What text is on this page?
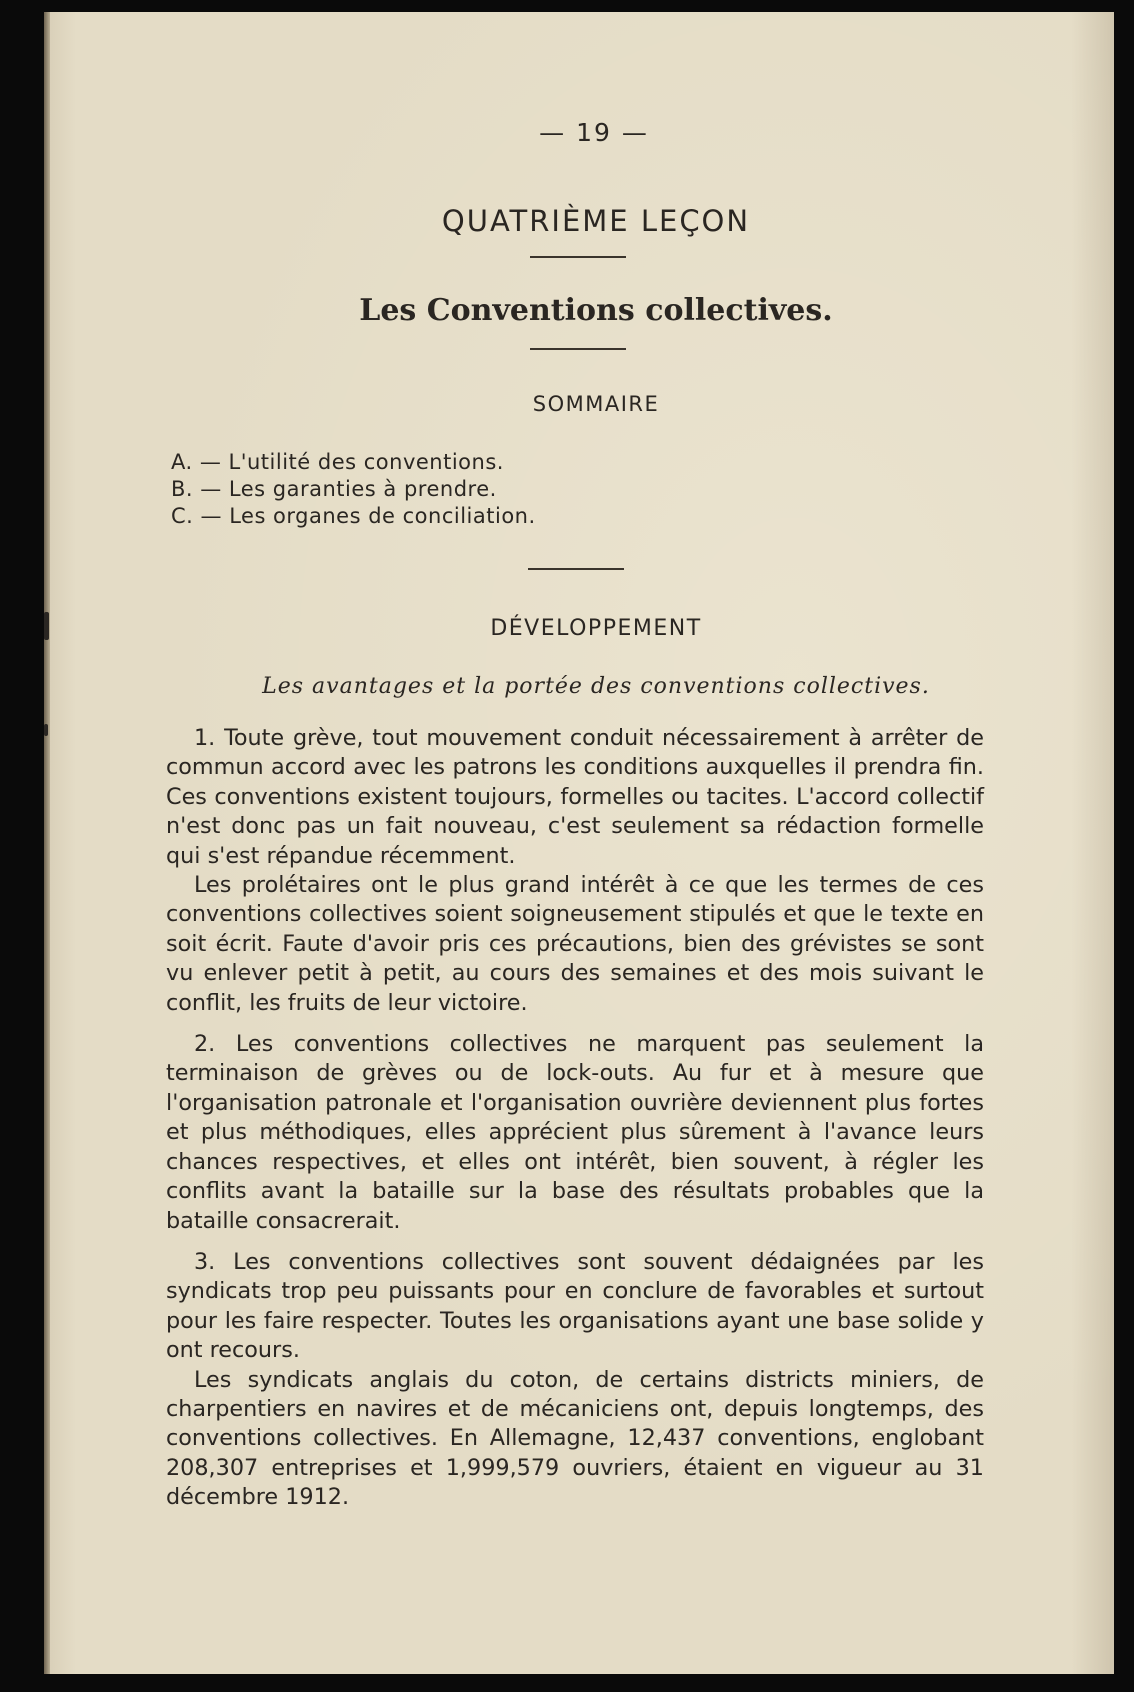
— 19 —
QUATRIÈME LEÇON
Les Conventions collectives.
SOMMAIRE
A. — L'utilité des conventions.
B. — Les garanties à prendre.
C. — Les organes de conciliation.
DÉVELOPPEMENT
Les avantages et la portée des conventions collectives.

1. Toute grève, tout mouvement conduit nécessairement à arrêter de commun accord avec les patrons les conditions auxquelles il prendra fin. Ces conventions existent toujours, formelles ou tacites. L'accord collectif n'est donc pas un fait nouveau, c'est seulement sa rédaction formelle qui s'est répandue récemment.

Les prolétaires ont le plus grand intérêt à ce que les termes de ces conventions collectives soient soigneusement stipulés et que le texte en soit écrit. Faute d'avoir pris ces précautions, bien des grévistes se sont vu enlever petit à petit, au cours des semaines et des mois suivant le conflit, les fruits de leur victoire.

2. Les conventions collectives ne marquent pas seulement la terminaison de grèves ou de lock-outs. Au fur et à mesure que l'organisation patronale et l'organisation ouvrière deviennent plus fortes et plus méthodiques, elles apprécient plus sûrement à l'avance leurs chances respectives, et elles ont intérêt, bien souvent, à régler les conflits avant la bataille sur la base des résultats probables que la bataille consacrerait.

3. Les conventions collectives sont souvent dédaignées par les syndicats trop peu puissants pour en conclure de favorables et surtout pour les faire respecter. Toutes les organisations ayant une base solide y ont recours.

Les syndicats anglais du coton, de certains districts miniers, de charpentiers en navires et de mécaniciens ont, depuis longtemps, des conventions collectives. En Allemagne, 12,437 conventions, englobant 208,307 entreprises et 1,999,579 ouvriers, étaient en vigueur au 31 décembre 1912.
